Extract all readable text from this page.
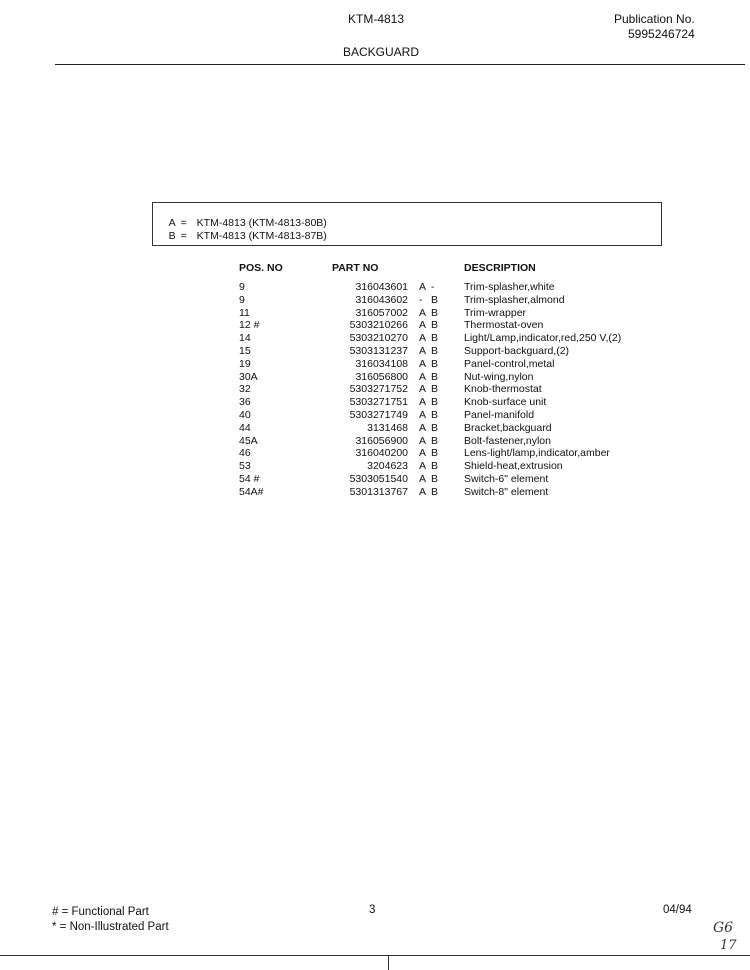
KTM-4813	Publication No.
5995246724
BACKGUARD

A = KTM-4813 (KTM-4813-80B)

B = KTM-4813 (KTM-4813-87B)

POS. NO	PART NO	DESCRIPTION
9	316043601 A -	Trim-splasher,white
9	316043602 - B Trim-splasher,almond
11	316057002 A B Trim-wrapper
12 #	5303210266 A B Thermostat-oven
14	5303210270 A B Light/Lamp,indicator,red,250 V,(2)
15	5303131237 A B Support-backguard,(2)
19	316034108 A B Panel-control,metal
30A	316056800 A B Nut-wing,nylon
32	5303271752 A B Knob-thermostat
36	5303271751 A B Knob-surface unit
40	5303271749 A B Panel-manifold
44	3131468 A B Bracket,backguard
45A	316056900 A B Bolt-fastener,nylon
46	316040200 A B Lens-light/lamp,indicator,amber
53	3204623 A B Shield-heat,extrusion
54 #	5303051540 A B Switch-6" element
54A#	5301313767 A B Switch-8" element
# = Functional Part
* = Non-Illustrated Part
3	04/94
G6
17
